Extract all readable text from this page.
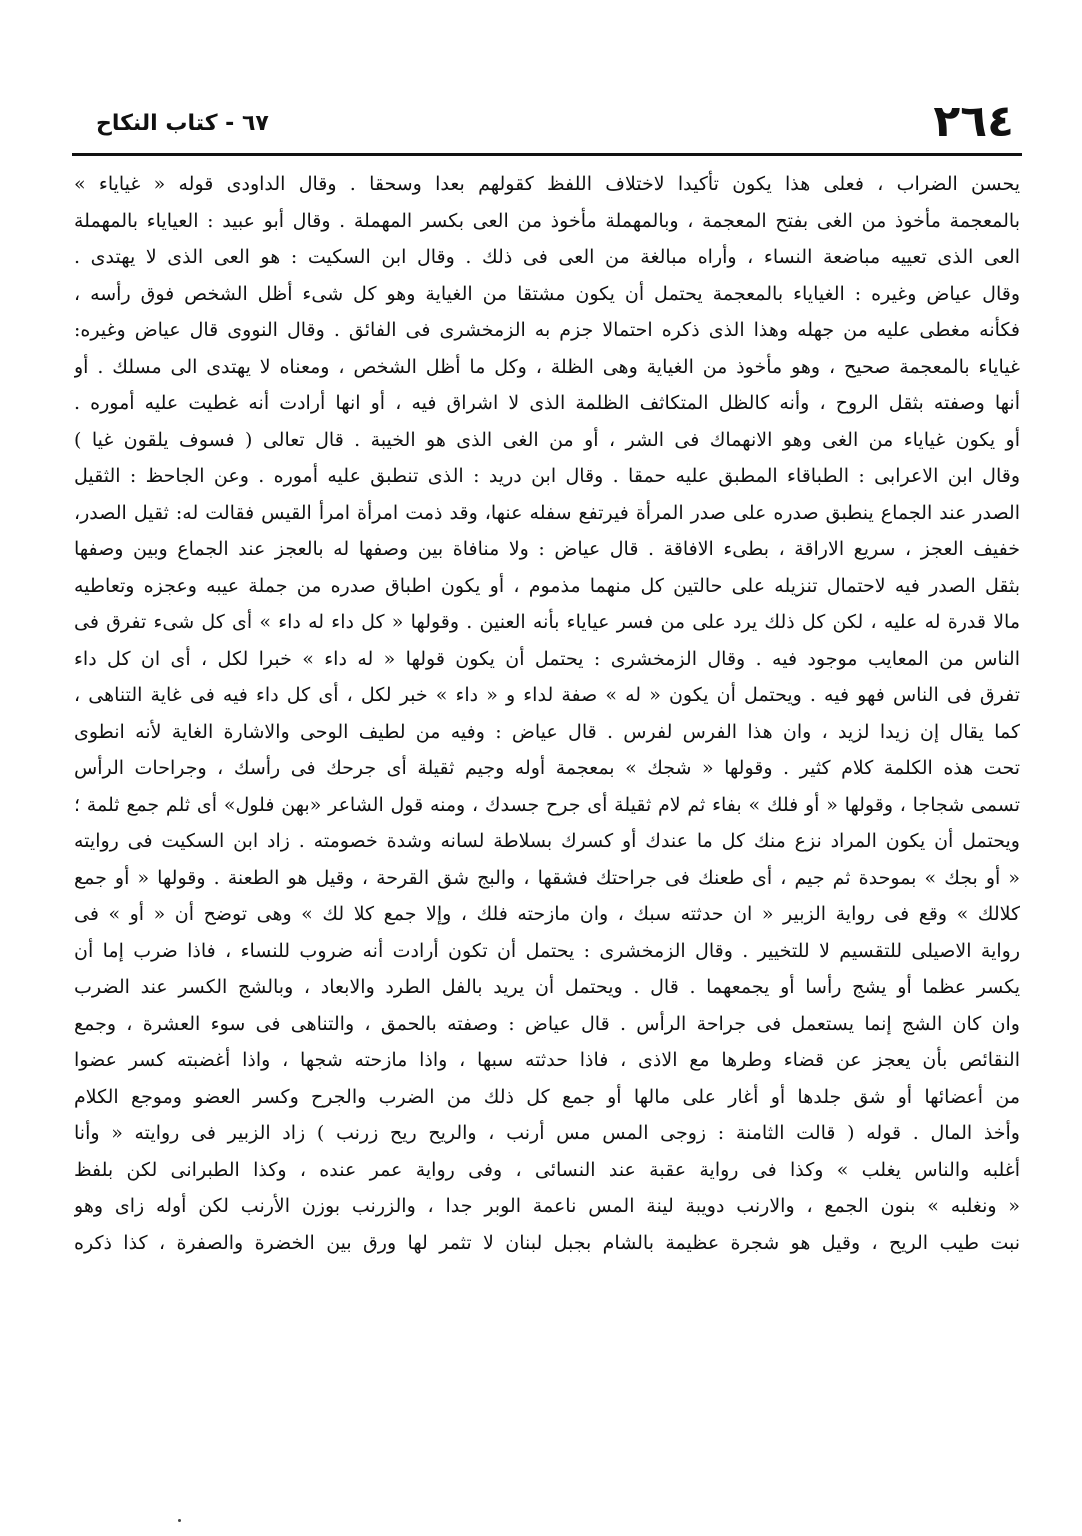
٢٦٤
٦٧ - كتاب النكاح
يحسن الضراب ، فعلى هذا يكون تأكيدا لاختلاف اللفظ كقولهم بعدا وسحقا . وقال الداودى قوله « غياياء »
بالمعجمة مأخوذ من الغى بفتح المعجمة ، وبالمهملة مأخوذ من العى بكسر المهملة . وقال أبو عبيد : العياياء بالمهملة
العى الذى تعييه مباضعة النساء ، وأراه مبالغة من العى فى ذلك . وقال ابن السكيت : هو العى الذى لا يهتدى .
وقال عياض وغيره : الغياياء بالمعجمة يحتمل أن يكون مشتقا من الغياية وهو كل شىء أظل الشخص فوق رأسه ،
فكأنه مغطى عليه من جهله وهذا الذى ذكره احتمالا جزم به الزمخشرى فى الفائق . وقال النووى قال عياض وغيره:
غياياء بالمعجمة صحيح ، وهو مأخوذ من الغياية وهى الظلة ، وكل ما أظل الشخص ، ومعناه لا يهتدى الى مسلك . أو
أنها وصفته بثقل الروح ، وأنه كالظل المتكاثف الظلمة الذى لا اشراق فيه ، أو انها أرادت أنه غطيت عليه أموره .
أو يكون غياياء من الغى وهو الانهماك فى الشر ، أو من الغى الذى هو الخيبة . قال تعالى ( فسوف يلقون غيا )
وقال ابن الاعرابى : الطباقاء المطبق عليه حمقا . وقال ابن دريد : الذى تنطبق عليه أموره . وعن الجاحظ : الثقيل
الصدر عند الجماع ينطبق صدره على صدر المرأة فيرتفع سفله عنها، وقد ذمت امرأة امرأ القيس فقالت له: ثقيل الصدر،
خفيف العجز ، سريع الاراقة ، بطىء الافاقة . قال عياض : ولا منافاة بين وصفها له بالعجز عند الجماع وبين وصفها
بثقل الصدر فيه لاحتمال تنزيله على حالتين كل منهما مذموم ، أو يكون اطباق صدره من جملة عيبه وعجزه وتعاطيه
مالا قدرة له عليه ، لكن كل ذلك يرد على من فسر عياياء بأنه العنين . وقولها « كل داء له داء » أى كل شىء تفرق فى
الناس من المعايب موجود فيه . وقال الزمخشرى : يحتمل أن يكون قولها « له داء » خبرا لكل ، أى ان كل داء
تفرق فى الناس فهو فيه . ويحتمل أن يكون « له » صفة لداء و « داء » خبر لكل ، أى كل داء فيه فى غاية التناهى ،
كما يقال إن زيدا لزيد ، وان هذا الفرس لفرس . قال عياض : وفيه من لطيف الوحى والاشارة الغاية لأنه انطوى
تحت هذه الكلمة كلام كثير . وقولها « شجك » بمعجمة أوله وجيم ثقيلة أى جرحك فى رأسك ، وجراحات الرأس
تسمى شجاجا ، وقولها « أو فلك » بفاء ثم لام ثقيلة أى جرح جسدك ، ومنه قول الشاعر «بهن فلول» أى ثلم جمع ثلمة ؛
ويحتمل أن يكون المراد نزع منك كل ما عندك أو كسرك بسلاطة لسانه وشدة خصومته . زاد ابن السكيت فى روايته
« أو بجك » بموحدة ثم جيم ، أى طعنك فى جراحتك فشقها ، والبج شق القرحة ، وقيل هو الطعنة . وقولها « أو جمع
كلالك » وقع فى رواية الزبير « ان حدثته سبك ، وان مازحته فلك ، وإلا جمع كلا لك » وهى توضح أن « أو » فى
رواية الاصيلى للتقسيم لا للتخيير . وقال الزمخشرى : يحتمل أن تكون أرادت أنه ضروب للنساء ، فاذا ضرب إما أن
يكسر عظما أو يشج رأسا أو يجمعهما . قال . ويحتمل أن يريد بالفل الطرد والابعاد ، وبالشج الكسر عند الضرب
وان كان الشج إنما يستعمل فى جراحة الرأس . قال عياض : وصفته بالحمق ، والتناهى فى سوء العشرة ، وجمع
النقائص بأن يعجز عن قضاء وطرها مع الاذى ، فاذا حدثته سبها ، واذا مازحته شجها ، واذا أغضبته كسر عضوا
من أعضائها أو شق جلدها أو أغار على مالها أو جمع كل ذلك من الضرب والجرح وكسر العضو وموجع الكلام
وأخذ المال . قوله ( قالت الثامنة : زوجى المس مس أرنب ، والريح ريح زرنب ) زاد الزبير فى روايته « وأنا
أغلبه والناس يغلب » وكذا فى رواية عقبة عند النسائى ، وفى رواية عمر عنده ، وكذا الطبرانى لكن بلفظ
« ونغلبه » بنون الجمع ، والارنب دويبة لينة المس ناعمة الوبر جدا ، والزرنب بوزن الأرنب لكن أوله زاى وهو
نبت طيب الريح ، وقيل هو شجرة عظيمة بالشام بجبل لبنان لا تثمر لها ورق بين الخضرة والصفرة ، كذا ذكره
